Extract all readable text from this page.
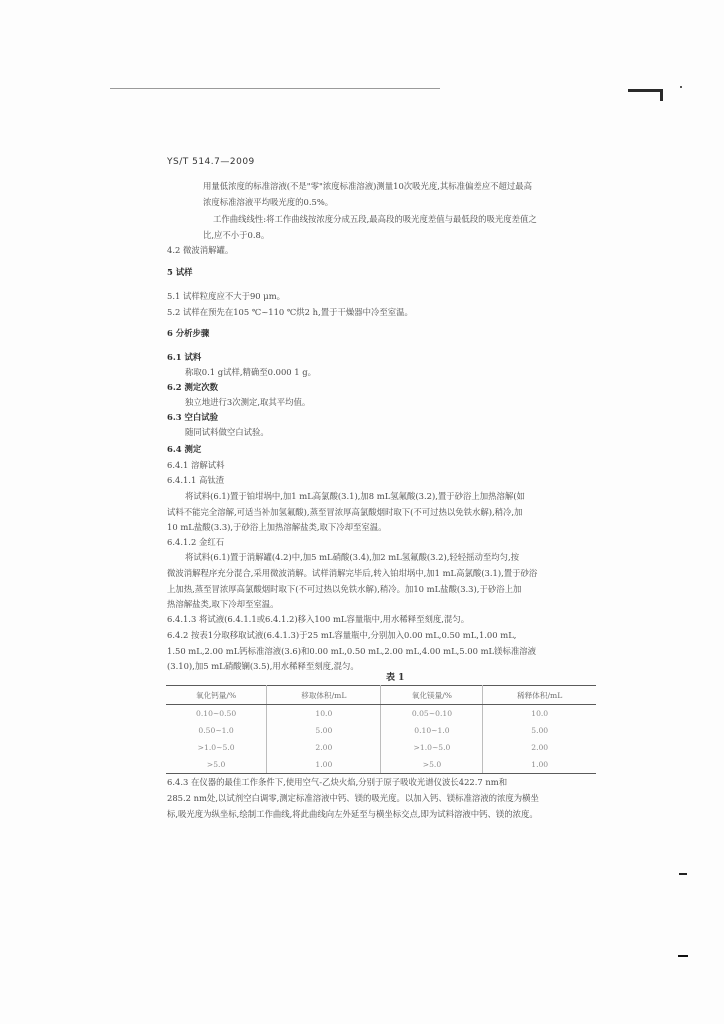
YS/T 514.7—2009
用量低浓度的标准溶液(不是"零"浓度标准溶液)测量10次吸光度,其标准偏差应不超过最高
浓度标准溶液平均吸光度的0.5%。
工作曲线线性:将工作曲线按浓度分成五段,最高段的吸光度差值与最低段的吸光度差值之
比,应不小于0.8。
4.2 微波消解罐。
5 试样
5.1 试样粒度应不大于90 μm。
5.2 试样在预先在105 ℃~110 ℃烘2 h,置于干燥器中冷至室温。
6 分析步骤
6.1 试料
称取0.1 g试样,精确至0.000 1 g。
6.2 测定次数
独立地进行3次测定,取其平均值。
6.3 空白试验
随同试料做空白试验。
6.4 测定
6.4.1 溶解试料
6.4.1.1 高钛渣
将试料(6.1)置于铂坩埚中,加1 mL高氯酸(3.1),加8 mL氢氟酸(3.2),置于砂浴上加热溶解(如
试料不能完全溶解,可适当补加氢氟酸),蒸至冒浓厚高氯酸烟时取下(不可过热以免铁水解),稍冷,加
10 mL盐酸(3.3),于砂浴上加热溶解盐类,取下冷却至室温。
6.4.1.2 金红石
将试料(6.1)置于消解罐(4.2)中,加5 mL硝酸(3.4),加2 mL氢氟酸(3.2),轻轻摇动至均匀,按
微波消解程序充分混合,采用微波消解。试样消解完毕后,转入铂坩埚中,加1 mL高氯酸(3.1),置于砂浴
上加热,蒸至冒浓厚高氯酸烟时取下(不可过热以免铁水解),稍冷。加10 mL盐酸(3.3),于砂浴上加
热溶解盐类,取下冷却至室温。
6.4.1.3 将试液(6.4.1.1或6.4.1.2)移入100 mL容量瓶中,用水稀释至刻度,混匀。
6.4.2 按表1分取移取试液(6.4.1.3)于25 mL容量瓶中,分别加入0.00 mL,0.50 mL,1.00 mL,
1.50 mL,2.00 mL钙标准溶液(3.6)和0.00 mL,0.50 mL,2.00 mL,4.00 mL,5.00 mL镁标准溶液
(3.10),加5 mL硝酸镧(3.5),用水稀释至刻度,混匀。
表 1
氧化钙量/%	移取体积/mL	氧化镁量/%	稀释体积/mL
0.10~0.50	10.0	0.05~0.10	10.0
0.50~1.0	5.00	0.10~1.0	5.00
>1.0~5.0	2.00	>1.0~5.0	2.00
>5.0	1.00	>5.0	1.00
6.4.3 在仪器的最佳工作条件下,使用空气-乙炔火焰,分别于原子吸收光谱仪波长422.7 nm和
285.2 nm处,以试剂空白调零,测定标准溶液中钙、镁的吸光度。以加入钙、镁标准溶液的浓度为横坐
标,吸光度为纵坐标,绘制工作曲线,将此曲线向左外延至与横坐标交点,即为试料溶液中钙、镁的浓度。
